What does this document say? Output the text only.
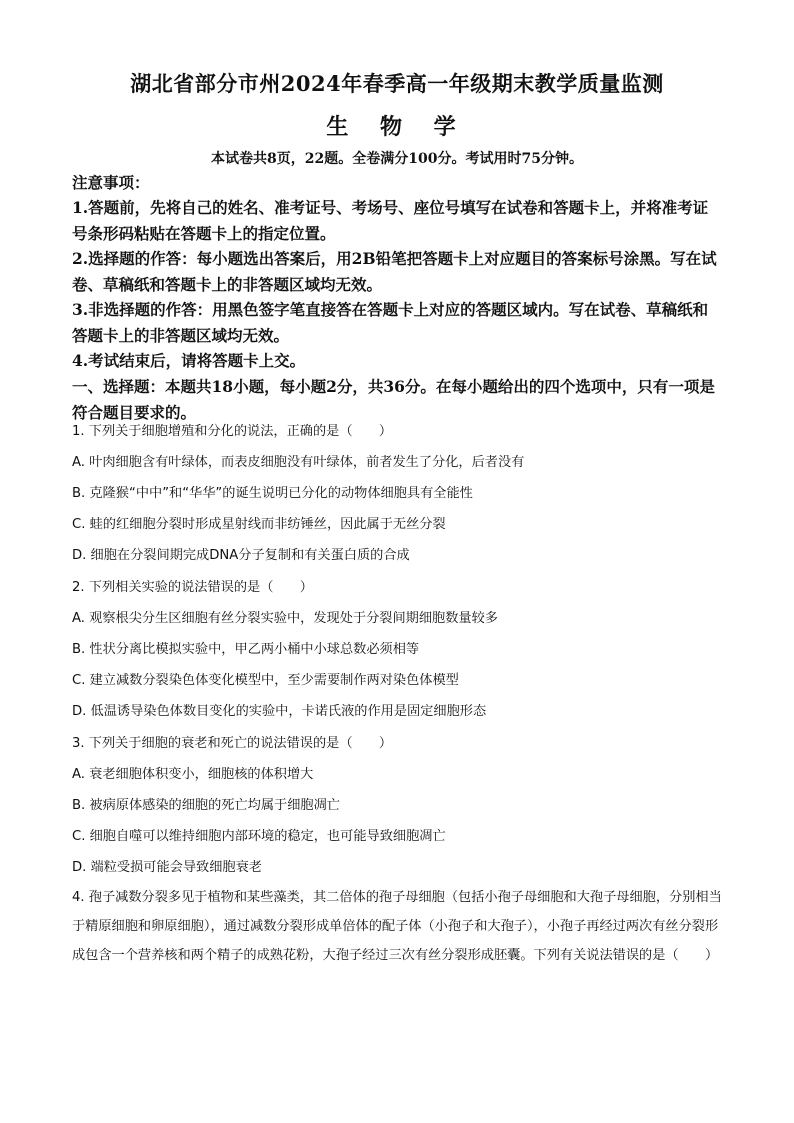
湖北省部分市州2024年春季高一年级期末教学质量监测
生 物 学
本试卷共8页，22题。全卷满分100分。考试用时75分钟。
注意事项：
1.答题前，先将自己的姓名、准考证号、考场号、座位号填写在试卷和答题卡上，并将准考证号条形码粘贴在答题卡上的指定位置。
2.选择题的作答：每小题选出答案后，用2B铅笔把答题卡上对应题目的答案标号涂黑。写在试卷、草稿纸和答题卡上的非答题区域均无效。
3.非选择题的作答：用黑色签字笔直接答在答题卡上对应的答题区域内。写在试卷、草稿纸和答题卡上的非答题区域均无效。
4.考试结束后，请将答题卡上交。
一、选择题：本题共18小题，每小题2分，共36分。在每小题给出的四个选项中，只有一项是符合题目要求的。
1. 下列关于细胞增殖和分化的说法，正确的是（　　）
A. 叶肉细胞含有叶绿体，而表皮细胞没有叶绿体，前者发生了分化，后者没有
B. 克隆猴“中中”和“华华”的诞生说明已分化的动物体细胞具有全能性
C. 蛙的红细胞分裂时形成星射线而非纺锤丝，因此属于无丝分裂
D. 细胞在分裂间期完成DNA分子复制和有关蛋白质的合成
2. 下列相关实验的说法错误的是（　　）
A. 观察根尖分生区细胞有丝分裂实验中，发现处于分裂间期细胞数量较多
B. 性状分离比模拟实验中，甲乙两小桶中小球总数必须相等
C. 建立减数分裂染色体变化模型中，至少需要制作两对染色体模型
D. 低温诱导染色体数目变化的实验中，卡诺氏液的作用是固定细胞形态
3. 下列关于细胞的衰老和死亡的说法错误的是（　　）
A. 衰老细胞体积变小，细胞核的体积增大
B. 被病原体感染的细胞的死亡均属于细胞凋亡
C. 细胞自噬可以维持细胞内部环境的稳定，也可能导致细胞凋亡
D. 端粒受损可能会导致细胞衰老
4. 孢子减数分裂多见于植物和某些藻类，其二倍体的孢子母细胞（包括小孢子母细胞和大孢子母细胞，分别相当于精原细胞和卵原细胞），通过减数分裂形成单倍体的配子体（小孢子和大孢子），小孢子再经过两次有丝分裂形成包含一个营养核和两个精子的成熟花粉，大孢子经过三次有丝分裂形成胚囊。下列有关说法错误的是（　　）
